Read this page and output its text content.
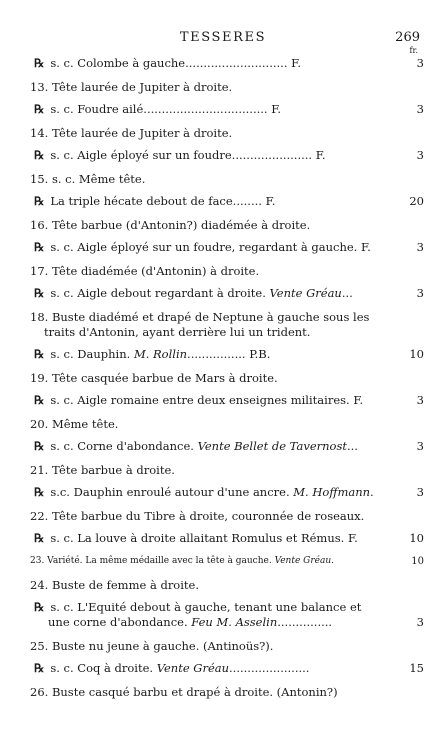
TESSERES	269
fr.
℞ s. c. Colombe à gauche............................ F.	3
13. Tête laurée de Jupiter à droite.
℞ s. c. Foudre ailé.................................. F.	3
14. Tête laurée de Jupiter à droite.
℞ s. c. Aigle éployé sur un foudre...................... F.	3
15. s. c. Même tête.
℞ La triple hécate debout de face........ F.	20
16. Tête barbue (d'Antonin?) diadémée à droite.
℞ s. c. Aigle éployé sur un foudre, regardant à gauche. F.	3
17. Tête diadémée (d'Antonin) à droite.
℞ s. c. Aigle debout regardant à droite. Vente Gréau...	3
18. Buste diadémé et drapé de Neptune à gauche sous les
traits d'Antonin, ayant derrière lui un trident.
℞ s. c. Dauphin. M. Rollin................ P.B.	10
19. Tête casquée barbue de Mars à droite.
℞ s. c. Aigle romaine entre deux enseignes militaires. F.	3
20. Même tête.
℞ s. c. Corne d'abondance. Vente Bellet de Tavernost...	3
21. Tête barbue à droite.
℞ s.c. Dauphin enroulé autour d'une ancre. M. Hoffmann.	3
22. Tête barbue du Tibre à droite, couronnée de roseaux.
℞ s. c. La louve à droite allaitant Romulus et Rémus. F.	10
23. Variété. La même médaille avec la tête à gauche. Vente Gréau.	10
24. Buste de femme à droite.
℞ s. c. L'Equité debout à gauche, tenant une balance et
une corne d'abondance. Feu M. Asselin...............	3
25. Buste nu jeune à gauche. (Antinoüs?).
℞ s. c. Coq à droite. Vente Gréau......................	15
26. Buste casqué barbu et drapé à droite. (Antonin?)
